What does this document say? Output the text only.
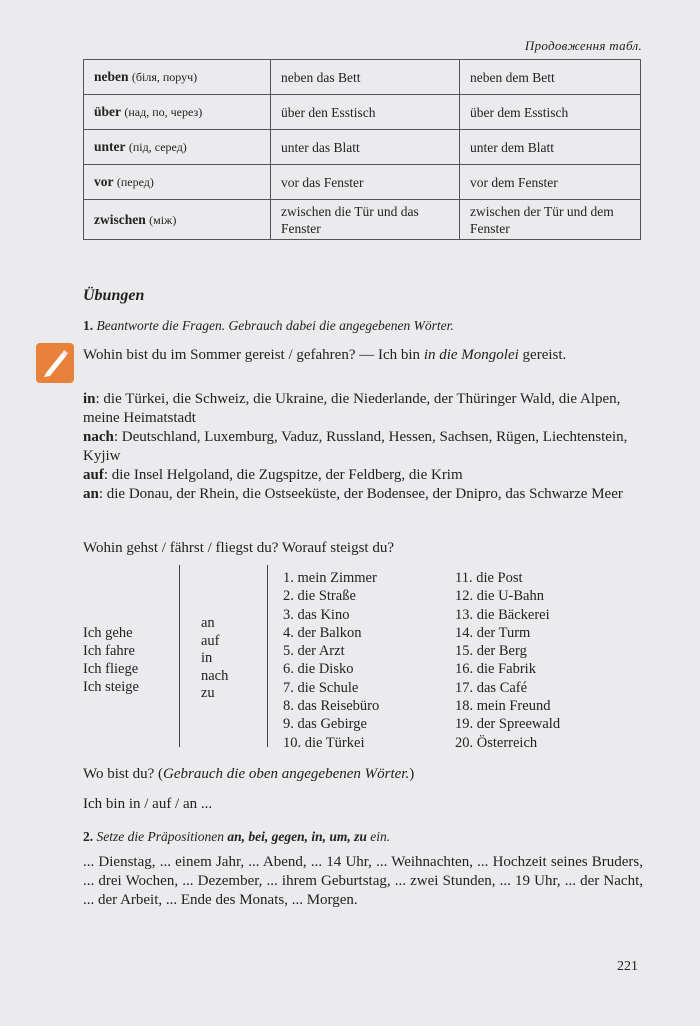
Продовження табл.
neben (біля, поруч)	neben das Bett	neben dem Bett
über (над, по, через)	über den Esstisch	über dem Esstisch
unter (під, серед)	unter das Blatt	unter dem Blatt
vor (перед)	vor das Fenster	vor dem Fenster
zwischen (між)	zwischen die Tür und das Fenster	zwischen der Tür und dem Fenster
Übungen
1. Beantworte die Fragen. Gebrauch dabei die angegebenen Wörter.
Wohin bist du im Sommer gereist / gefahren? — Ich bin in die Mongolei gereist.
in: die Türkei, die Schweiz, die Ukraine, die Niederlande, der Thüringer Wald, die Alpen, meine Heimatstadt
nach: Deutschland, Luxemburg, Vaduz, Russland, Hessen, Sachsen, Rügen, Liechtenstein, Kyjiw
auf: die Insel Helgoland, die Zugspitze, der Feldberg, die Krim
an: die Donau, der Rhein, die Ostseeküste, der Bodensee, der Dnipro, das Schwarze Meer
Wohin gehst / fährst / fliegst du? Worauf steigst du?
Ich gehe
Ich fahre
Ich fliege
Ich steige
an
auf
in
nach
zu
1. mein Zimmer
2. die Straße
3. das Kino
4. der Balkon
5. der Arzt
6. die Disko
7. die Schule
8. das Reisebüro
9. das Gebirge
10. die Türkei
11. die Post
12. die U-Bahn
13. die Bäckerei
14. der Turm
15. der Berg
16. die Fabrik
17. das Café
18. mein Freund
19. der Spreewald
20. Österreich
Wo bist du? (Gebrauch die oben angegebenen Wörter.)
Ich bin in / auf / an ...
2. Setze die Präpositionen an, bei, gegen, in, um, zu ein.
... Dienstag, ... einem Jahr, ... Abend, ... 14 Uhr, ... Weihnachten, ... Hochzeit seines Bruders, ... drei Wochen, ... Dezember, ... ihrem Geburtstag, ... zwei Stunden, ... 19 Uhr, ... der Nacht, ... der Arbeit, ... Ende des Monats, ... Morgen.
221
